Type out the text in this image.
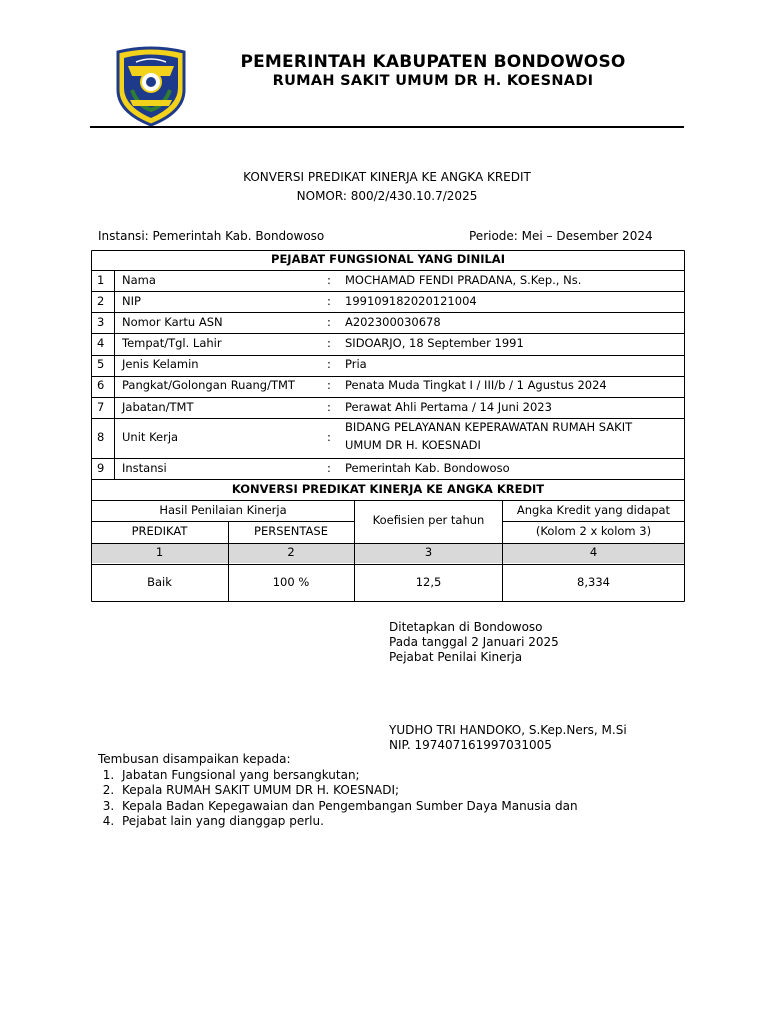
PEMERINTAH KABUPATEN BONDOWOSO
RUMAH SAKIT UMUM DR H. KOESNADI
KONVERSI PREDIKAT KINERJA KE ANGKA KREDIT
NOMOR: 800/2/430.10.7/2025
Instansi: Pemerintah Kab. Bondowoso	Periode: Mei – Desember 2024
PEJABAT FUNGSIONAL YANG DINILAI
1 Nama	: MOCHAMAD FENDI PRADANA, S.Kep., Ns.
2 NIP	: 199109182020121004
3 Nomor Kartu ASN	: A202300030678
4 Tempat/Tgl. Lahir	: SIDOARJO, 18 September 1991
5 Jenis Kelamin	: Pria
6 Pangkat/Golongan Ruang/TMT	: Penata Muda Tingkat I / III/b / 1 Agustus 2024
7 Jabatan/TMT	: Perawat Ahli Pertama / 14 Juni 2023
8 Unit Kerja	:
BIDANG PELAYANAN KEPERAWATAN RUMAH SAKIT
UMUM DR H. KOESNADI
9 Instansi	: Pemerintah Kab. Bondowoso
KONVERSI PREDIKAT KINERJA KE ANGKA KREDIT
Hasil Penilaian Kinerja
Koefisien per tahun
Angka Kredit yang didapat
PREDIKAT	PERSENTASE	(Kolom 2 x kolom 3)
1	2	3	4
Baik	100 %	12,5	8,334
Ditetapkan di Bondowoso
Pada tanggal 2 Januari 2025
Pejabat Penilai Kinerja
YUDHO TRI HANDOKO, S.Kep.Ners, M.Si
NIP. 197407161997031005
Tembusan disampaikan kepada:
1. Jabatan Fungsional yang bersangkutan;
2. Kepala RUMAH SAKIT UMUM DR H. KOESNADI;
3. Kepala Badan Kepegawaian dan Pengembangan Sumber Daya Manusia dan
4. Pejabat lain yang dianggap perlu.
